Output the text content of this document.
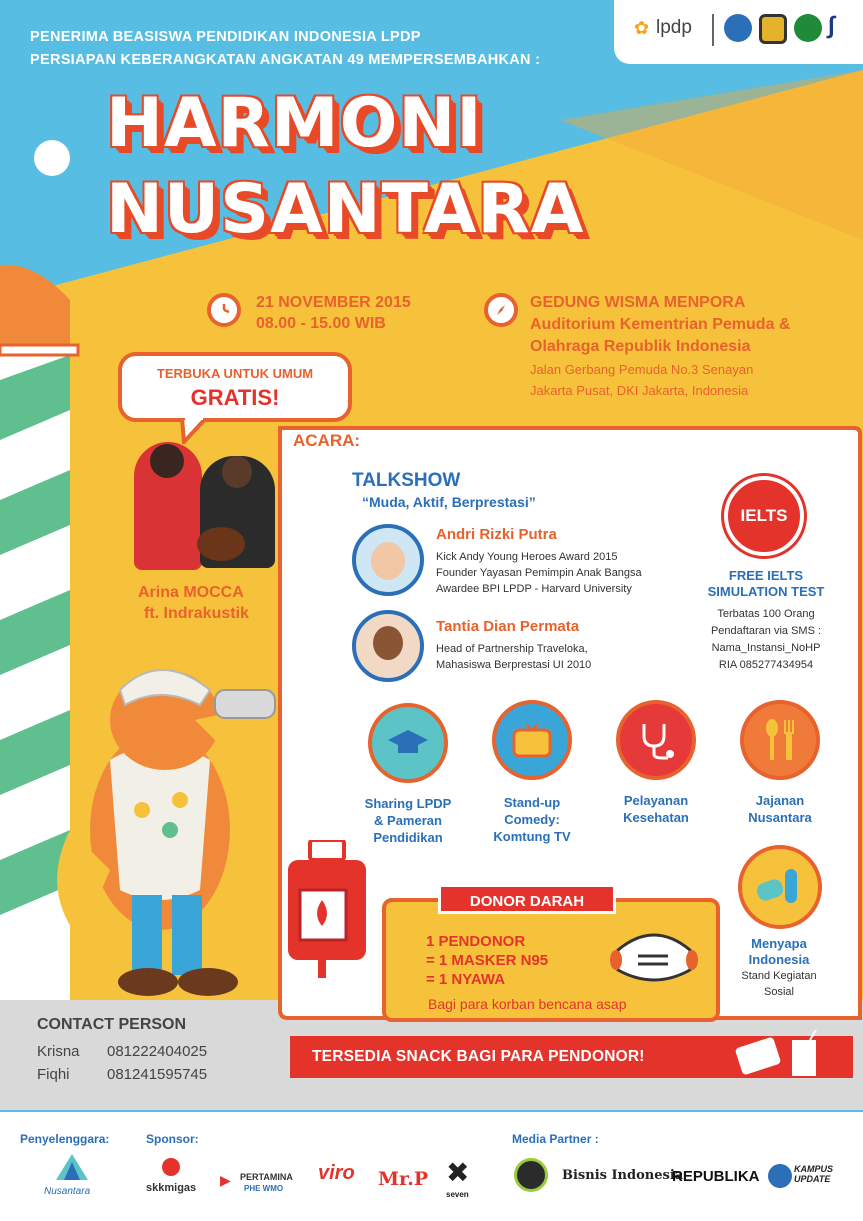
PENERIMA BEASISWA PENDIDIKAN INDONESIA LPDP
PERSIAPAN KEBERANGKATAN ANGKATAN 49 MEMPERSEMBAHKAN :
✿ lpdp	∫
HARMONI
NUSANTARA
21 NOVEMBER 2015
08.00 - 15.00 WIB
GEDUNG WISMA MENPORA
Auditorium Kementrian Pemuda &
Olahraga Republik Indonesia
Jalan Gerbang Pemuda No.3 Senayan
Jakarta Pusat, DKI Jakarta, Indonesia
TERBUKA UNTUK UMUM
GRATIS!
ACARA:
Arina MOCCA
ft. Indrakustik
TALKSHOW
“Muda, Aktif, Berprestasi”
Andri Rizki Putra
Kick Andy Young Heroes Award 2015
Founder Yayasan Pemimpin Anak Bangsa
Awardee BPI LPDP - Harvard University
Tantia Dian Permata
Head of Partnership Traveloka,
Mahasiswa Berprestasi UI 2010
IELTS
FREE IELTS
SIMULATION TEST
Terbatas 100 Orang
Pendaftaran via SMS :
Nama_Instansi_NoHP
RIA 085277434954
Sharing LPDP
& Pameran
Pendidikan
Stand-up
Comedy:
Komtung TV
Pelayanan
Kesehatan
Jajanan
Nusantara
DONOR DARAH
1 PENDONOR
= 1 MASKER N95
= 1 NYAWA
Bagi para korban bencana asap
Menyapa
Indonesia
Stand Kegiatan
Sosial
TERSEDIA SNACK BAGI PARA PENDONOR!
CONTACT PERSON
Krisna 081222404025
Fiqhi 081241595745
Penyelenggara:	Sponsor:	Media Partner :
Nusantara	skkmigas ▶ PERTAMINA
PHE WMO
viro Mr.P ✖
seven
Bisnis Indonesia
REPUBLIKA	KAMPUS UPDATE
